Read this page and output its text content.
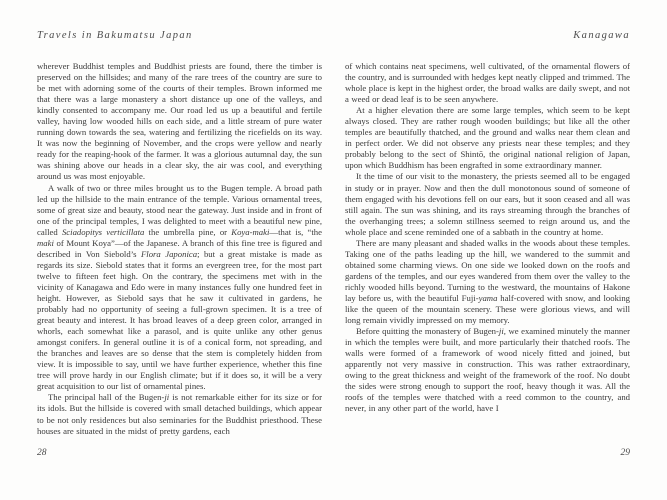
Travels in Bakumatsu Japan

wherever Buddhist temples and Buddhist priests are found, there the timber is preserved on the hillsides; and many of the rare trees of the country are sure to be met with adorning some of the courts of their temples. Brown informed me that there was a large monastery a short distance up one of the valleys, and kindly consented to accompany me. Our road led us up a beautiful and fertile valley, having low wooded hills on each side, and a little stream of pure water running down towards the sea, watering and fertilizing the ricefields on its way. It was now the beginning of November, and the crops were yellow and nearly ready for the reaping-hook of the farmer. It was a glorious autumnal day, the sun was shining above our heads in a clear sky, the air was cool, and everything around us was most enjoyable.

A walk of two or three miles brought us to the Bugen temple. A broad path led up the hillside to the main entrance of the temple. Various ornamental trees, some of great size and beauty, stood near the gateway. Just inside and in front of one of the principal temples, I was delighted to meet with a beautiful new pine, called Sciadopitys verticillata the umbrella pine, or Koya-maki—that is, “the maki of Mount Koya”—of the Japanese. A branch of this fine tree is figured and described in Von Siebold’s Flora Japonica; but a great mistake is made as regards its size. Siebold states that it forms an evergreen tree, for the most part twelve to fifteen feet high. On the contrary, the specimens met with in the vicinity of Kanagawa and Edo were in many instances fully one hundred feet in height. However, as Siebold says that he saw it cultivated in gardens, he probably had no opportunity of seeing a full-grown specimen. It is a tree of great beauty and interest. It has broad leaves of a deep green color, arranged in whorls, each somewhat like a parasol, and is quite unlike any other genus amongst conifers. In general outline it is of a conical form, not spreading, and the branches and leaves are so dense that the stem is completely hidden from view. It is impossible to say, until we have further experience, whether this fine tree will prove hardy in our English climate; but if it does so, it will be a very great acquisition to our list of ornamental pines.

The principal hall of the Bugen-ji is not remarkable either for its size or for its idols. But the hillside is covered with small detached buildings, which appear to be not only residences but also seminaries for the Buddhist priesthood. These houses are situated in the midst of pretty gardens, each

28
Kanagawa

of which contains neat specimens, well cultivated, of the ornamental flowers of the country, and is surrounded with hedges kept neatly clipped and trimmed. The whole place is kept in the highest order, the broad walks are daily swept, and not a weed or dead leaf is to be seen anywhere.

At a higher elevation there are some large temples, which seem to be kept always closed. They are rather rough wooden buildings; but like all the other temples are beautifully thatched, and the ground and walks near them clean and in perfect order. We did not observe any priests near these temples; and they probably belong to the sect of Shintō, the original national religion of Japan, upon which Buddhism has been engrafted in some extraordinary manner.

It the time of our visit to the monastery, the priests seemed all to be engaged in study or in prayer. Now and then the dull monotonous sound of someone of them engaged with his devotions fell on our ears, but it soon ceased and all was still again. The sun was shining, and its rays streaming through the branches of the overhanging trees; a solemn stillness seemed to reign around us, and the whole place and scene reminded one of a sabbath in the country at home.

There are many pleasant and shaded walks in the woods about these temples. Taking one of the paths leading up the hill, we wandered to the summit and obtained some charming views. On one side we looked down on the roofs and gardens of the temples, and our eyes wandered from them over the valley to the richly wooded hills beyond. Turning to the westward, the mountains of Hakone lay before us, with the beautiful Fuji-yama half-covered with snow, and looking like the queen of the mountain scenery. These were glorious views, and will long remain vividly impressed on my memory.

Before quitting the monastery of Bugen-ji, we examined minutely the manner in which the temples were built, and more particularly their thatched roofs. The walls were formed of a framework of wood nicely fitted and joined, but apparently not very massive in construction. This was rather extraordinary, owing to the great thickness and weight of the framework of the roof. No doubt the sides were strong enough to support the roof, heavy though it was. All the roofs of the temples were thatched with a reed common to the country, and never, in any other part of the world, have I

29
